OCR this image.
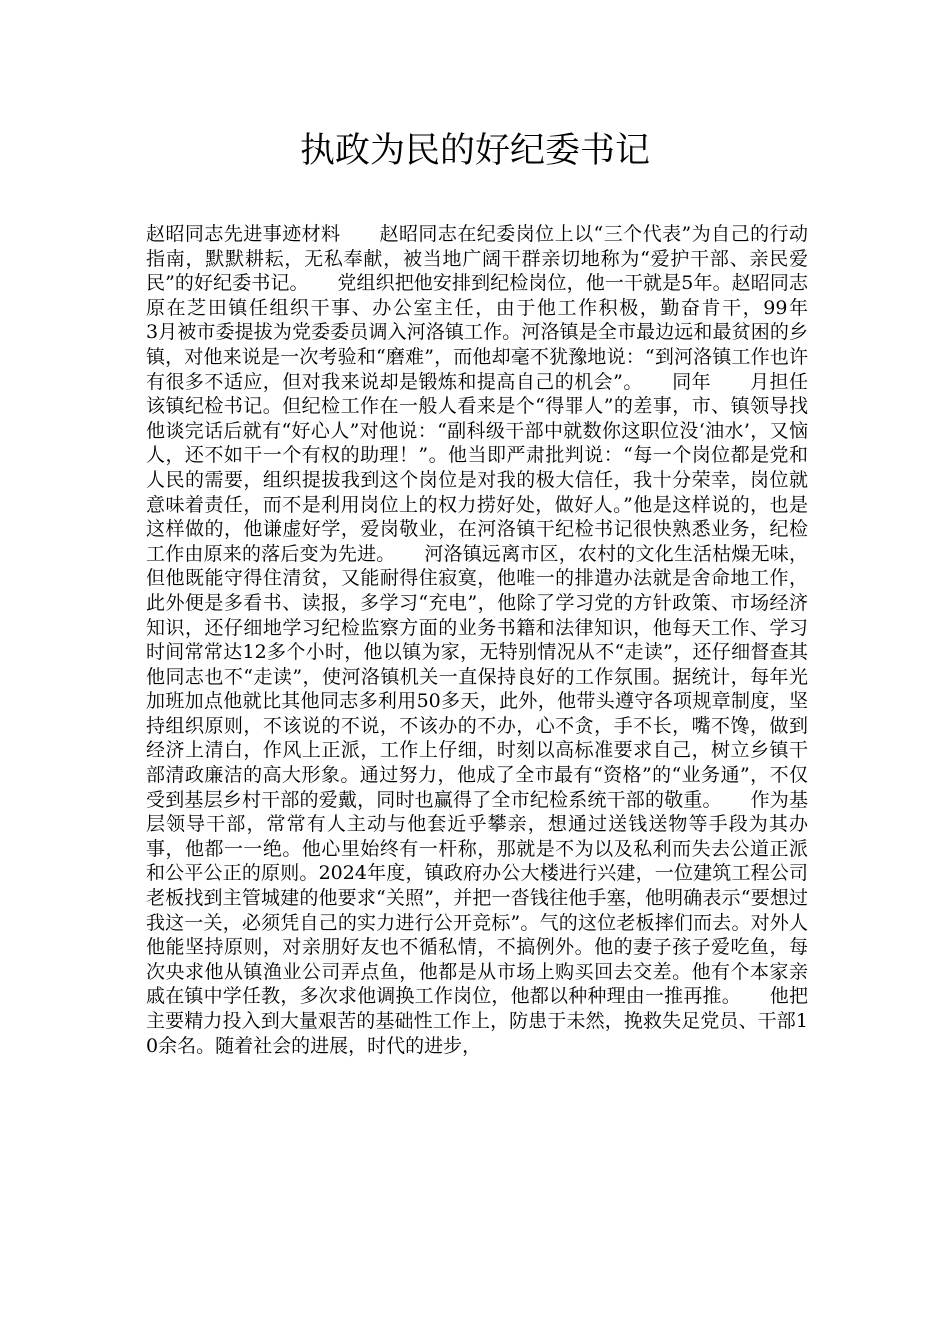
执政为民的好纪委书记

赵昭同志先进事迹材料　　赵昭同志在纪委岗位上以“三个代表”为自己的行动指南，默默耕耘，无私奉献，被当地广阔干群亲切地称为“爱护干部、亲民爱民”的好纪委书记。　　党组织把他安排到纪检岗位，他一干就是5年。赵昭同志原在芝田镇任组织干事、办公室主任，由于他工作积极，勤奋肯干，99年　　3月被市委提拔为党委委员调入河洛镇工作。河洛镇是全市最边远和最贫困的乡镇，对他来说是一次考验和“磨难”，而他却毫不犹豫地说：“到河洛镇工作也许有很多不适应，但对我来说却是锻炼和提高自己的机会”。　　同年　　月担任该镇纪检书记。但纪检工作在一般人看来是个“得罪人”的差事，市、镇领导找他谈完话后就有“好心人”对他说：“副科级干部中就数你这职位没‘油水’，又恼人，还不如干一个有权的助理！”。他当即严肃批判说：“每一个岗位都是党和人民的需要，组织提拔我到这个岗位是对我的极大信任，我十分荣幸，岗位就意味着责任，而不是利用岗位上的权力捞好处，做好人。”他是这样说的，也是这样做的，他谦虚好学，爱岗敬业，在河洛镇干纪检书记很快熟悉业务，纪检工作由原来的落后变为先进。　　河洛镇远离市区，农村的文化生活枯燥无味，但他既能守得住清贫，又能耐得住寂寞，他唯一的排遣办法就是舍命地工作，此外便是多看书、读报，多学习“充电”，他除了学习党的方针政策、市场经济知识，还仔细地学习纪检监察方面的业务书籍和法律知识，他每天工作、学习时间常常达12多个小时，他以镇为家，无特别情况从不“走读”，还仔细督查其他同志也不“走读”，使河洛镇机关一直保持良好的工作氛围。据统计，每年光加班加点他就比其他同志多利用50多天，此外，他带头遵守各项规章制度，坚持组织原则，不该说的不说，不该办的不办，心不贪，手不长，嘴不馋，做到经济上清白，作风上正派，工作上仔细，时刻以高标准要求自己，树立乡镇干部清政廉洁的高大形象。通过努力，他成了全市最有“资格”的“业务通”，不仅受到基层乡村干部的爱戴，同时也赢得了全市纪检系统干部的敬重。　　作为基层领导干部，常常有人主动与他套近乎攀亲，想通过送钱送物等手段为其办事，他都一一绝。他心里始终有一杆称，那就是不为以及私利而失去公道正派和公平公正的原则。2024年度，镇政府办公大楼进行兴建，一位建筑工程公司老板找到主管城建的他要求“关照”，并把一沓钱往他手塞，他明确表示“要想过我这一关，必须凭自己的实力进行公开竞标”。气的这位老板摔们而去。对外人他能坚持原则，对亲朋好友也不循私情，不搞例外。他的妻子孩子爱吃鱼，每次央求他从镇渔业公司弄点鱼，他都是从市场上购买回去交差。他有个本家亲戚在镇中学任教，多次求他调换工作岗位，他都以种种理由一推再推。　　他把主要精力投入到大量艰苦的基础性工作上，防患于未然，挽救失足党员、干部10余名。随着社会的进展，时代的进步，
